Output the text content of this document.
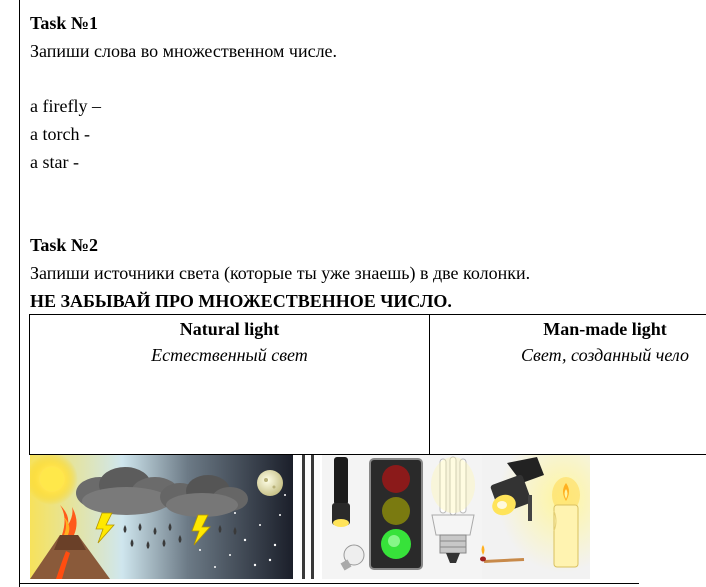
Task №1
Запиши слова во множественном числе.
a firefly –
a torch -
a star -
Task №2
Запиши источники света (которые ты уже знаешь) в две колонки.
НЕ ЗАБЫВАЙ ПРО МНОЖЕСТВЕННОЕ ЧИСЛО.
Natural light
Естественный свет
Man-made light
Свет, созданный чело
